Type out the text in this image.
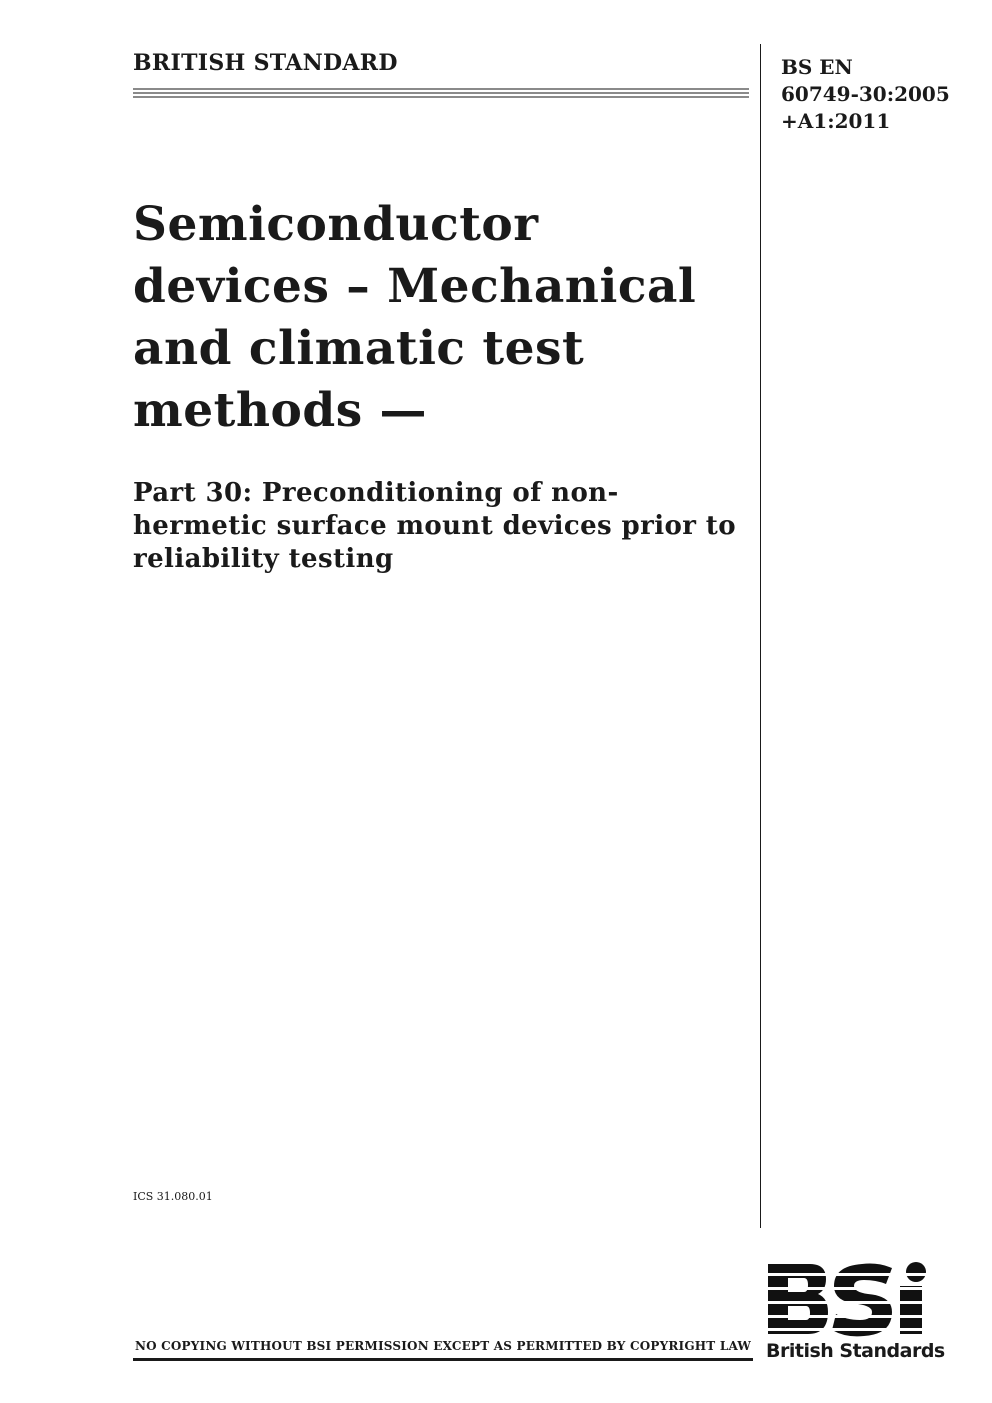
BRITISH STANDARD	BS EN
60749-30:2005
+A1:2011
Semiconductor
devices – Mechanical
and climatic test
methods —
Part 30: Preconditioning of non-
hermetic surface mount devices prior to
reliability testing
ICS 31.080.01
NO COPYING WITHOUT BSI PERMISSION EXCEPT AS PERMITTED BY COPYRIGHT LAW British Standards
